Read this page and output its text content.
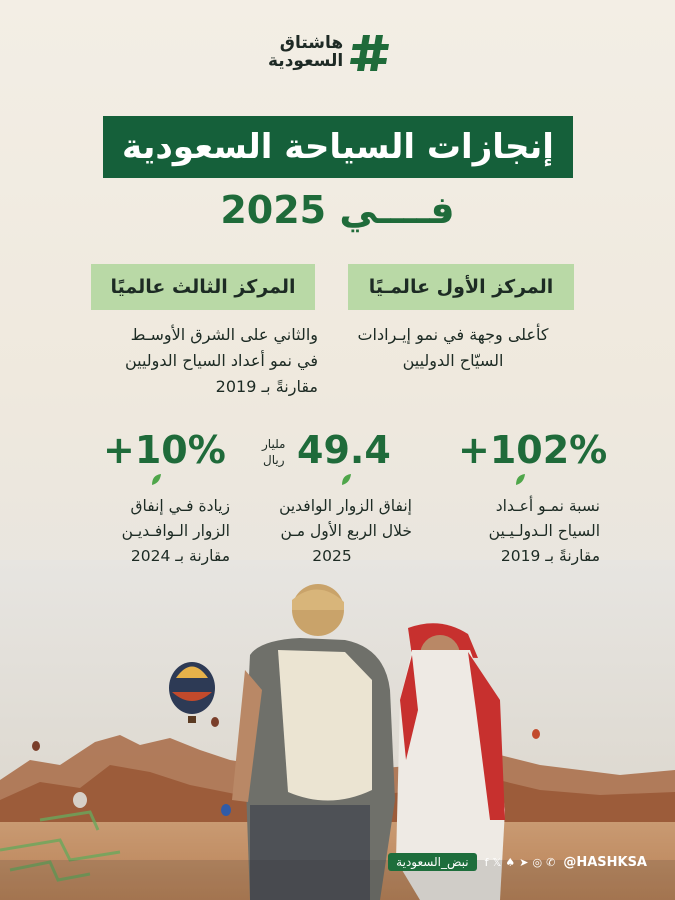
هاشتاق
السعودية
إنجازات السياحة السعودية
فــــي 2025
المركز الأول عالمـيًا
المركز الثالث عالميًا
كأعلى وجهة في نمو إيـرادات
السيّاح الدوليين
والثاني على الشرق الأوسـط
في نمو أعداد السياح الدوليين
مقارنةً بـ 2019
+102%
49.4
مليار
ريال
+10%
نسبة نمـو أعـداد
السياح الـدولـيـين
مقارنةً بـ 2019
إنفاق الزوار الوافدين
خلال الربع الأول مـن
2025
زيادة فـي إنفاق
الزوار الـوافـديـن
مقارنة بـ 2024
نبض_السعودية	f 𝕏 ♠ ➤ ◎ ✆ @HASHKSA
